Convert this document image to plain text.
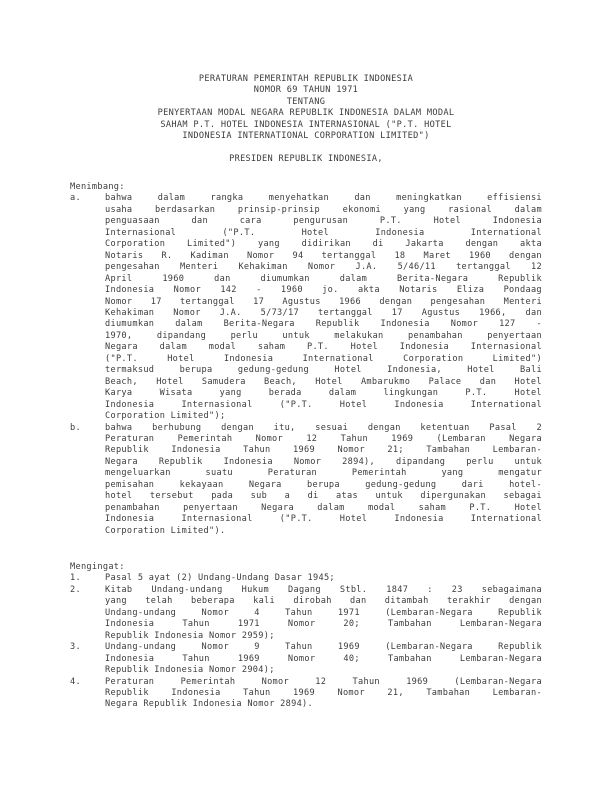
PERATURAN PEMERINTAH REPUBLIK INDONESIA
NOMOR 69 TAHUN 1971
TENTANG
PENYERTAAN MODAL NEGARA REPUBLIK INDONESIA DALAM MODAL
SAHAM P.T. HOTEL INDONESIA INTERNASIONAL ("P.T. HOTEL
INDONESIA INTERNATIONAL CORPORATION LIMITED")
PRESIDEN REPUBLIK INDONESIA,
Menimbang:
a.	bahwa	dalam	rangka	menyehatkan	dan	meningkatkan	effisiensi
usaha	berdasarkan	prinsip-prinsip	ekonomi	yang	rasional	dalam
penguasaan	dan	cara	pengurusan	P.T.	Hotel	Indonesia
Internasional	("P.T.	Hotel	Indonesia	International
Corporation	Limited")	yang	didirikan	di	Jakarta	dengan	akta
Notaris R. Kadiman Nomor 94 tertanggal 18 Maret 1960 dengan
pengesahan Menteri Kehakiman Nomor J.A. 5/46/11 tertanggal 12
April	1960	dan	diumumkan	dalam	Berita-Negara	Republik
Indonesia Nomor 142 - 1960 jo. akta Notaris Eliza Pondaag
Nomor 17 tertanggal 17 Agustus 1966 dengan pengesahan Menteri
Kehakiman Nomor J.A. 5/73/17 tertanggal 17 Agustus 1966, dan
diumumkan dalam Berita-Negara Republik Indonesia Nomor 127 -
1970,	dipandang	perlu	untuk	melakukan	penambahan	penyertaan
Negara	dalam	modal	saham	P.T.	Hotel	Indonesia	Internasional
("P.T.	Hotel	Indonesia	International	Corporation	Limited")
termaksud	berupa	gedung-gedung	Hotel	Indonesia,	Hotel	Bali
Beach, Hotel Samudera Beach, Hotel Ambarukmo Palace dan Hotel
Karya	Wisata	yang	berada	dalam	lingkungan	P.T.	Hotel
Indonesia	Internasional	("P.T.	Hotel	Indonesia	International
Corporation Limited");
b.	bahwa berhubung dengan itu, sesuai dengan ketentuan Pasal 2
Peraturan	Pemerintah	Nomor	12	Tahun	1969	(Lembaran	Negara
Republik	Indonesia	Tahun	1969	Nomor	21;	Tambahan	Lembaran-
Negara Republik Indonesia Nomor 2894), dipandang perlu untuk
mengeluarkan	suatu	Peraturan	Pemerintah	yang	mengatur
pemisahan	kekayaan	Negara	berupa	gedung-gedung	dari	hotel-
hotel tersebut pada sub a di atas untuk dipergunakan sebagai
penambahan	penyertaan	Negara	dalam	modal	saham	P.T.	Hotel
Indonesia	Internasional	("P.T.	Hotel	Indonesia	International
Corporation Limited").
Mengingat:
1.	Pasal 5 ayat (2) Undang-Undang Dasar 1945;
2.	Kitab Undang-undang Hukum Dagang Stbl. 1847 : 23 sebagaimana
yang telah beberapa kali dirobah dan ditambah terakhir dengan
Undang-undang	Nomor	4	Tahun	1971	(Lembaran-Negara	Republik
Indonesia	Tahun	1971	Nomor	20;	Tambahan	Lembaran-Negara
Republik Indonesia Nomor 2959);
3.	Undang-undang	Nomor	9	Tahun	1969	(Lembaran-Negara	Republik
Indonesia	Tahun	1969	Nomor	40;	Tambahan	Lembaran-Negara
Republik Indonesia Nomor 2904);
4.	Peraturan	Pemerintah	Nomor	12	Tahun	1969	(Lembaran-Negara
Republik	Indonesia	Tahun	1969	Nomor	21,	Tambahan	Lembaran-
Negara Republik Indonesia Nomor 2894).
